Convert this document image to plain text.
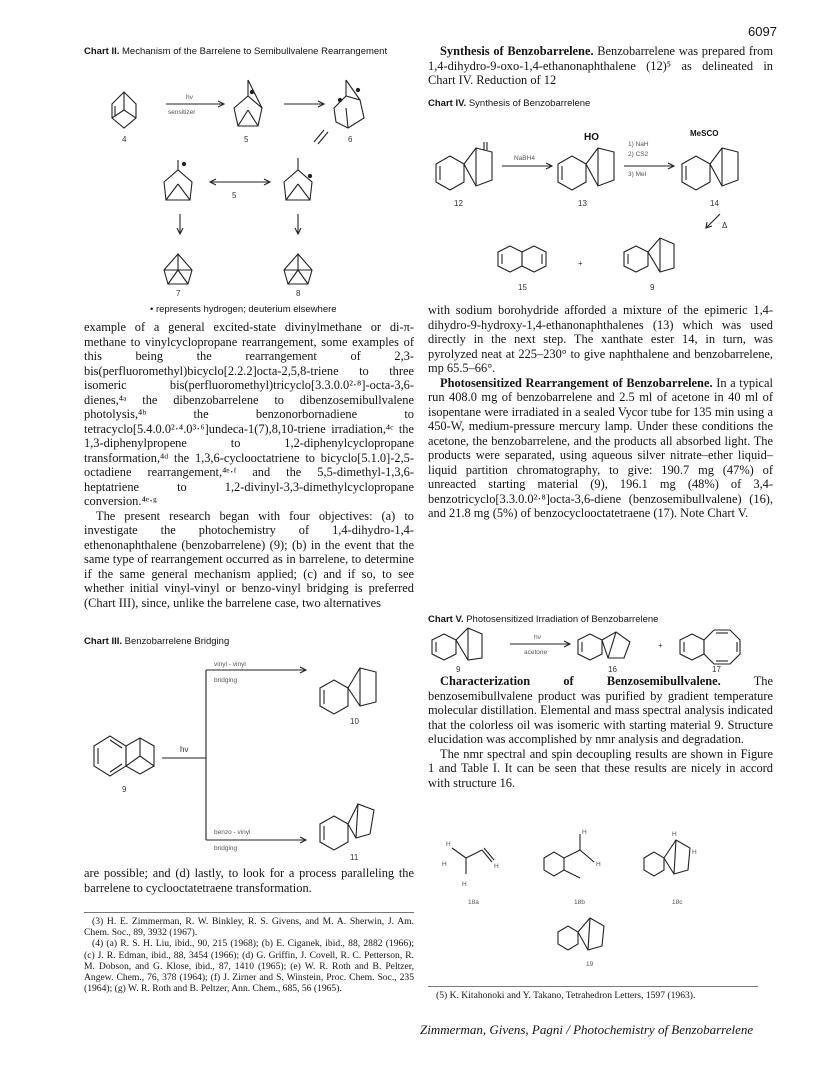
6097
Chart II. Mechanism of the Barrelene to Semibullvalene Rearrangement
4
hν
sensitizer
5	6
5
7	8
• represents hydrogen; deuterium elsewhere

example of a general excited-state divinylmethane or di-π-methane to vinylcyclopropane rearrangement, some examples of this being the rearrangement of 2,3-bis(perfluoromethyl)bicyclo[2.2.2]octa-2,5,8-triene to three isomeric bis(perfluoromethyl)tricyclo[3.3.0.0²·⁸]-octa-3,6-dienes,⁴ᵃ the dibenzobarrelene to dibenzosemibullvalene photolysis,⁴ᵇ the benzonorbornadiene to tetracyclo[5.4.0.0²·⁴.0³·⁶]undeca-1(7),8,10-triene irradiation,⁴ᶜ the 1,3-diphenylpropene to 1,2-diphenylcyclopropane transformation,⁴ᵈ the 1,3,6-cyclooctatriene to bicyclo[5.1.0]-2,5-octadiene rearrangement,⁴ᵉ·ᶠ and the 5,5-dimethyl-1,3,6-heptatriene to 1,2-divinyl-3,3-dimethylcyclopropane conversion.⁴ᵉ·ᵍ

The present research began with four objectives: (a) to investigate the photochemistry of 1,4-dihydro-1,4-ethenonaphthalene (benzobarrelene) (9); (b) in the event that the same type of rearrangement occurred as in barrelene, to determine if the same general mechanism applied; (c) and if so, to see whether initial vinyl-vinyl or benzo-vinyl bridging is preferred (Chart III), since, unlike the barrelene case, two alternatives

Chart III. Benzobarrelene Bridging
9
hν
vinyl - vinyl
bridging
benzo - vinyl
bridging
10
11

are possible; and (d) lastly, to look for a process paralleling the barrelene to cyclooctatetraene transformation.

(3) H. E. Zimmerman, R. W. Binkley, R. S. Givens, and M. A. Sherwin, J. Am. Chem. Soc., 89, 3932 (1967).

(4) (a) R. S. H. Liu, ibid., 90, 215 (1968); (b) E. Ciganek, ibid., 88, 2882 (1966); (c) J. R. Edman, ibid., 88, 3454 (1966); (d) G. Griffin, J. Covell, R. C. Petterson, R. M. Dobson, and G. Klose, ibid., 87, 1410 (1965); (e) W. R. Roth and B. Peltzer, Angew. Chem., 76, 378 (1964); (f) J. Zirner and S. Winstein, Proc. Chem. Soc., 235 (1964); (g) W. R. Roth and B. Peltzer, Ann. Chem., 685, 56 (1965).

Synthesis of Benzobarrelene. Benzobarrelene was prepared from 1,4-dihydro-9-oxo-1,4-ethanonaphthalene (12)⁵ as delineated in Chart IV. Reduction of 12

Chart IV. Synthesis of Benzobarrelene
12
NaBH4
HO
13
1) NaH
2) CS2
3) MeI
MeSCO
14
Δ
15
+
9

with sodium borohydride afforded a mixture of the epimeric 1,4-dihydro-9-hydroxy-1,4-ethanonaphthalenes (13) which was used directly in the next step. The xanthate ester 14, in turn, was pyrolyzed neat at 225–230° to give naphthalene and benzobarrelene, mp 65.5–66°.

Photosensitized Rearrangement of Benzobarrelene. In a typical run 408.0 mg of benzobarrelene and 2.5 ml of acetone in 40 ml of isopentane were irradiated in a sealed Vycor tube for 135 min using a 450-W, medium-pressure mercury lamp. Under these conditions the acetone, the benzobarrelene, and the products all absorbed light. The products were separated, using aqueous silver nitrate–ether liquid–liquid partition chromatography, to give: 190.7 mg (47%) of unreacted starting material (9), 196.1 mg (48%) of 3,4-benzotricyclo[3.3.0.0²·⁸]octa-3,6-diene (benzosemibullvalene) (16), and 21.8 mg (5%) of benzocyclooctatetraene (17). Note Chart V.

Chart V. Photosensitized Irradiation of Benzobarrelene
9
hν
acetone
16
+
17

Characterization of Benzosemibullvalene.	The benzosemibullvalene product was purified by gradient temperature molecular distillation. Elemental and mass spectral analysis indicated that the colorless oil was isomeric with starting material 9. Structure elucidation was accomplished by nmr analysis and degradation.

The nmr spectral and spin decoupling results are shown in Figure 1 and Table I. It can be seen that these results are nicely in accord with structure 16.

H
H	H
H
18a
H
H
18b
H
H
18c
19

(5) K. Kitahonoki and Y. Takano, Tetrahedron Letters, 1597 (1963).

Zimmerman, Givens, Pagni / Photochemistry of Benzobarrelene
